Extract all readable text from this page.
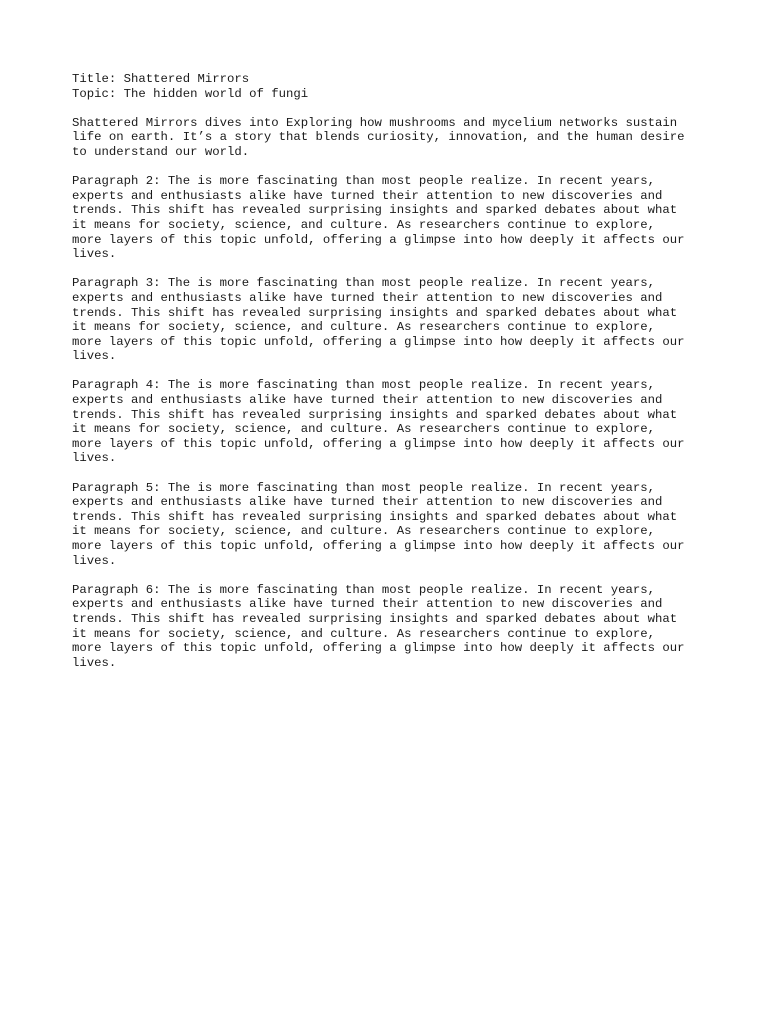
Title: Shattered Mirrors
Topic: The hidden world of fungi

Shattered Mirrors dives into Exploring how mushrooms and mycelium networks sustain
life on earth. It’s a story that blends curiosity, innovation, and the human desire
to understand our world.

Paragraph 2: The is more fascinating than most people realize. In recent years,
experts and enthusiasts alike have turned their attention to new discoveries and
trends. This shift has revealed surprising insights and sparked debates about what
it means for society, science, and culture. As researchers continue to explore,
more layers of this topic unfold, offering a glimpse into how deeply it affects our
lives.

Paragraph 3: The is more fascinating than most people realize. In recent years,
experts and enthusiasts alike have turned their attention to new discoveries and
trends. This shift has revealed surprising insights and sparked debates about what
it means for society, science, and culture. As researchers continue to explore,
more layers of this topic unfold, offering a glimpse into how deeply it affects our
lives.

Paragraph 4: The is more fascinating than most people realize. In recent years,
experts and enthusiasts alike have turned their attention to new discoveries and
trends. This shift has revealed surprising insights and sparked debates about what
it means for society, science, and culture. As researchers continue to explore,
more layers of this topic unfold, offering a glimpse into how deeply it affects our
lives.

Paragraph 5: The is more fascinating than most people realize. In recent years,
experts and enthusiasts alike have turned their attention to new discoveries and
trends. This shift has revealed surprising insights and sparked debates about what
it means for society, science, and culture. As researchers continue to explore,
more layers of this topic unfold, offering a glimpse into how deeply it affects our
lives.

Paragraph 6: The is more fascinating than most people realize. In recent years,
experts and enthusiasts alike have turned their attention to new discoveries and
trends. This shift has revealed surprising insights and sparked debates about what
it means for society, science, and culture. As researchers continue to explore,
more layers of this topic unfold, offering a glimpse into how deeply it affects our
lives.
